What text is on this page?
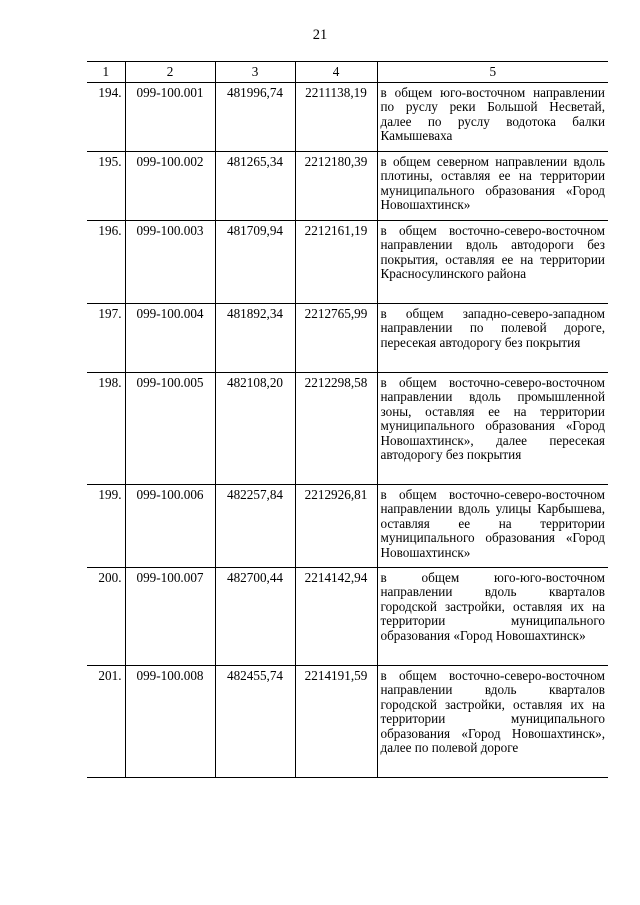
21
1	2	3	4	5
194.	099-100.001	481996,74	2211138,19	в общем юго-восточном направлении по руслу реки Большой Несветай, далее по руслу водотока балки Камышеваха
195.	099-100.002	481265,34	2212180,39	в общем северном направлении вдоль плотины, оставляя ее на территории муниципального образования «Город Новошахтинск»
196.	099-100.003	481709,94	2212161,19	в общем восточно-северо-восточном направлении вдоль автодороги без покрытия, оставляя ее на территории Красносулинского района
197.	099-100.004	481892,34	2212765,99	в общем западно-северо-западном направлении по полевой дороге, пересекая автодорогу без покрытия
198.	099-100.005	482108,20	2212298,58	в общем восточно-северо-восточном направлении вдоль промышленной зоны, оставляя ее на территории муниципального образования «Город Новошахтинск», далее пересекая автодорогу без покрытия
199.	099-100.006	482257,84	2212926,81	в общем восточно-северо-восточном направлении вдоль улицы Карбышева, оставляя ее на территории муниципального образования «Город Новошахтинск»
200.	099-100.007	482700,44	2214142,94	в общем юго-юго-восточном направлении вдоль кварталов городской застройки, оставляя их на территории муниципального образования «Город Новошахтинск»
201.	099-100.008	482455,74	2214191,59	в общем восточно-северо-восточном направлении вдоль кварталов городской застройки, оставляя их на территории муниципального образования «Город Новошахтинск», далее по полевой дороге
